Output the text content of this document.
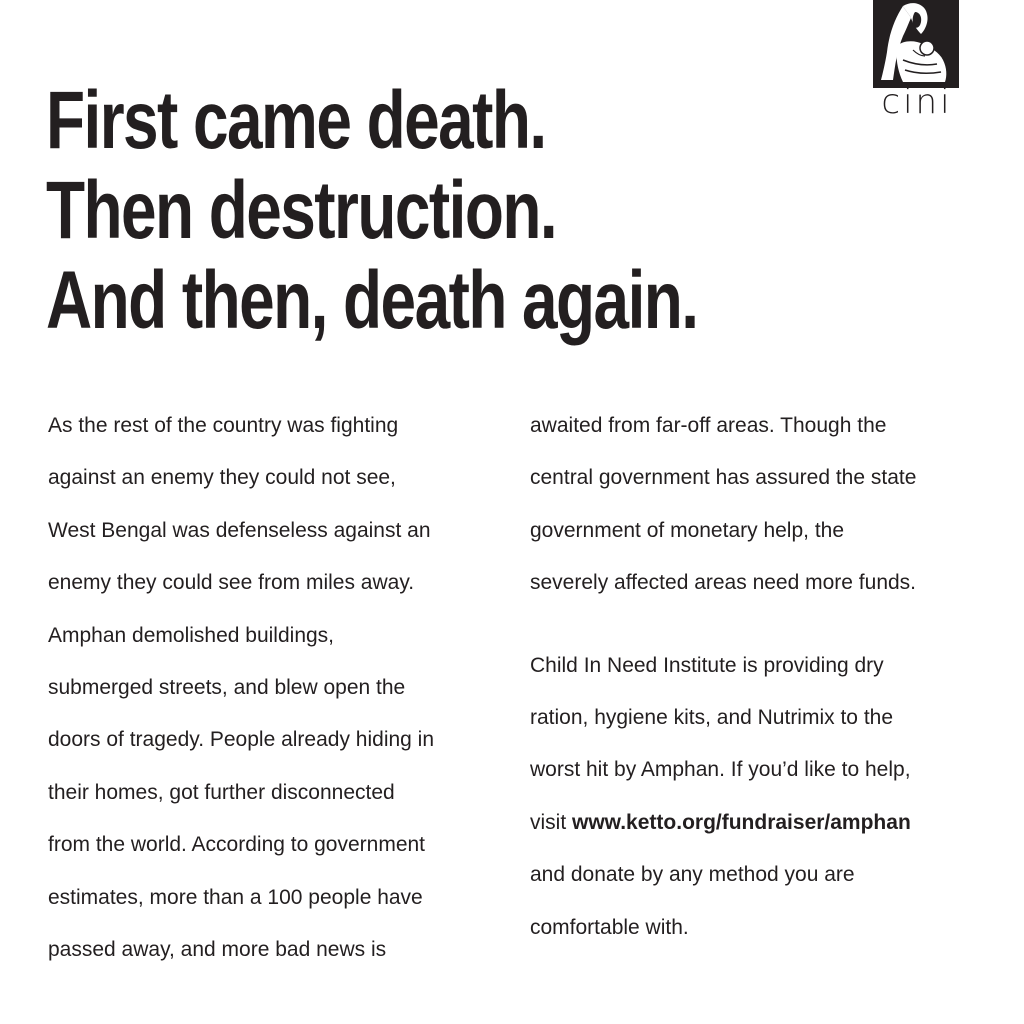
cini
First came death.
Then destruction.
And then, death again.
As the rest of the country was fighting
against an enemy they could not see,
West Bengal was defenseless against an
enemy they could see from miles away.
Amphan demolished buildings,
submerged streets, and blew open the
doors of tragedy. People already hiding in
their homes, got further disconnected
from the world. According to government
estimates, more than a 100 people have
passed away, and more bad news is
awaited from far-off areas. Though the
central government has assured the state
government of monetary help, the
severely affected areas need more funds.
Child In Need Institute is providing dry
ration, hygiene kits, and Nutrimix to the
worst hit by Amphan. If you’d like to help,
visit www.ketto.org/fundraiser/amphan
and donate by any method you are
comfortable with.
